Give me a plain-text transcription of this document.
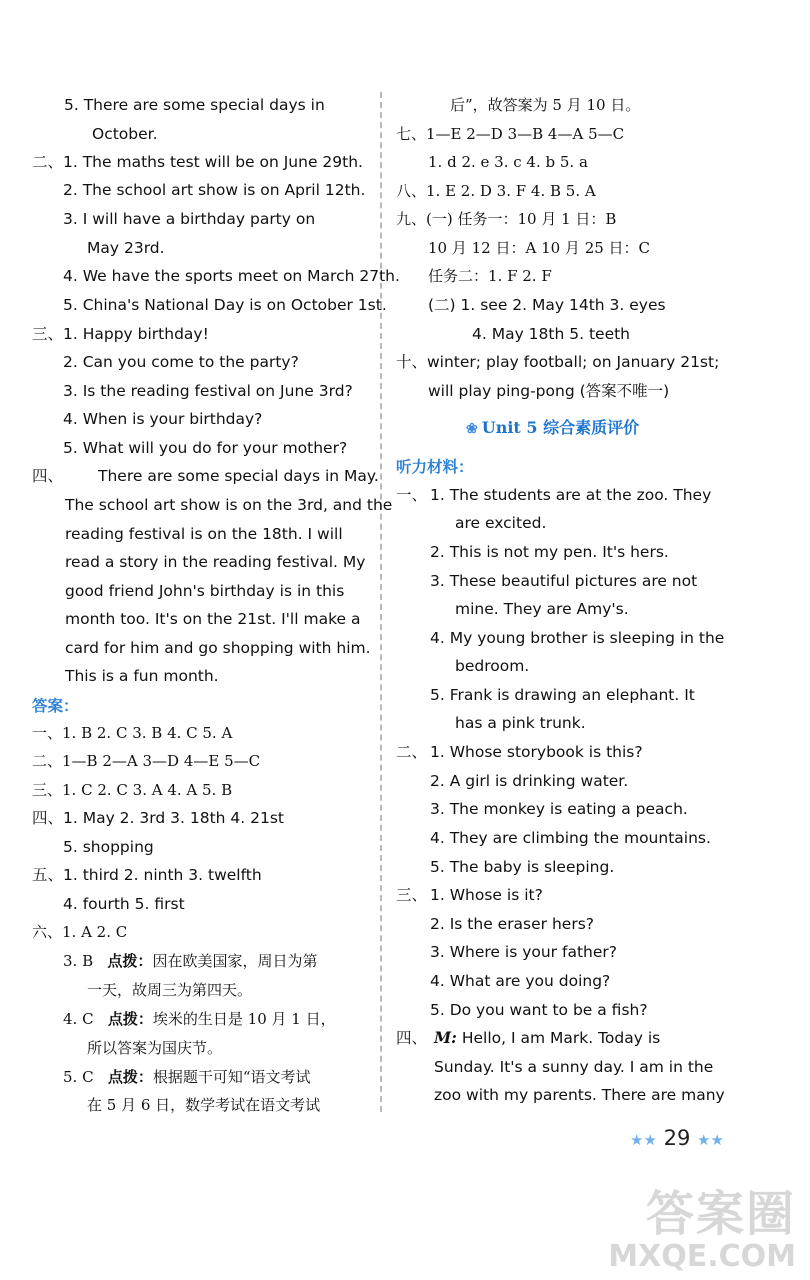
5. There are some special days in
October.
二、 1. The maths test will be on June 29th.
2. The school art show is on April 12th.
3. I will have a birthday party on
May 23rd.
4. We have the sports meet on March 27th.
5. China's National Day is on October 1st.
三、 1. Happy birthday!
2. Can you come to the party?
3. Is the reading festival on June 3rd?
4. When is your birthday?
5. What will you do for your mother?
四、 There are some special days in May.
The school art show is on the 3rd, and the
reading festival is on the 18th. I will
read a story in the reading festival. My
good friend John's birthday is in this
month too. It's on the 21st. I'll make a
card for him and go shopping with him.
This is a fun month.
答案：
一、1. B 2. C 3. B 4. C 5. A
二、1—B 2—A 3—D 4—E 5—C
三、1. C 2. C 3. A 4. A 5. B
四、1. May 2. 3rd 3. 18th 4. 21st
5. shopping
五、1. third 2. ninth 3. twelfth
4. fourth 5. first
六、1. A 2. C
3. B 点拨：因在欧美国家，周日为第
一天，故周三为第四天。
4. C 点拨：埃米的生日是 10 月 1 日，
所以答案为国庆节。
5. C 点拨：根据题干可知“语文考试
在 5 月 6 日，数学考试在语文考试
后”，故答案为 5 月 10 日。
七、1—E 2—D 3—B 4—A 5—C
1. d 2. e 3. c 4. b 5. a
八、1. E 2. D 3. F 4. B 5. A
九、(一) 任务一：10 月 1 日：B
10 月 12 日：A 10 月 25 日：C
任务二：1. F 2. F
(二) 1. see 2. May 14th 3. eyes
4. May 18th 5. teeth
十、winter; play football; on January 21st;
will play ping-pong (答案不唯一)
❀ Unit 5 综合素质评价
听力材料：
一、 1. The students are at the zoo. They
are excited.
2. This is not my pen. It's hers.
3. These beautiful pictures are not
mine. They are Amy's.
4. My young brother is sleeping in the
bedroom.
5. Frank is drawing an elephant. It
has a pink trunk.
二、 1. Whose storybook is this?
2. A girl is drinking water.
3. The monkey is eating a peach.
4. They are climbing the mountains.
5. The baby is sleeping.
三、 1. Whose is it?
2. Is the eraser hers?
3. Where is your father?
4. What are you doing?
5. Do you want to be a fish?
四、 M: Hello, I am Mark. Today is
Sunday. It's a sunny day. I am in the
zoo with my parents. There are many
★★ 29 ★★
答案圈
MXQE.COM
